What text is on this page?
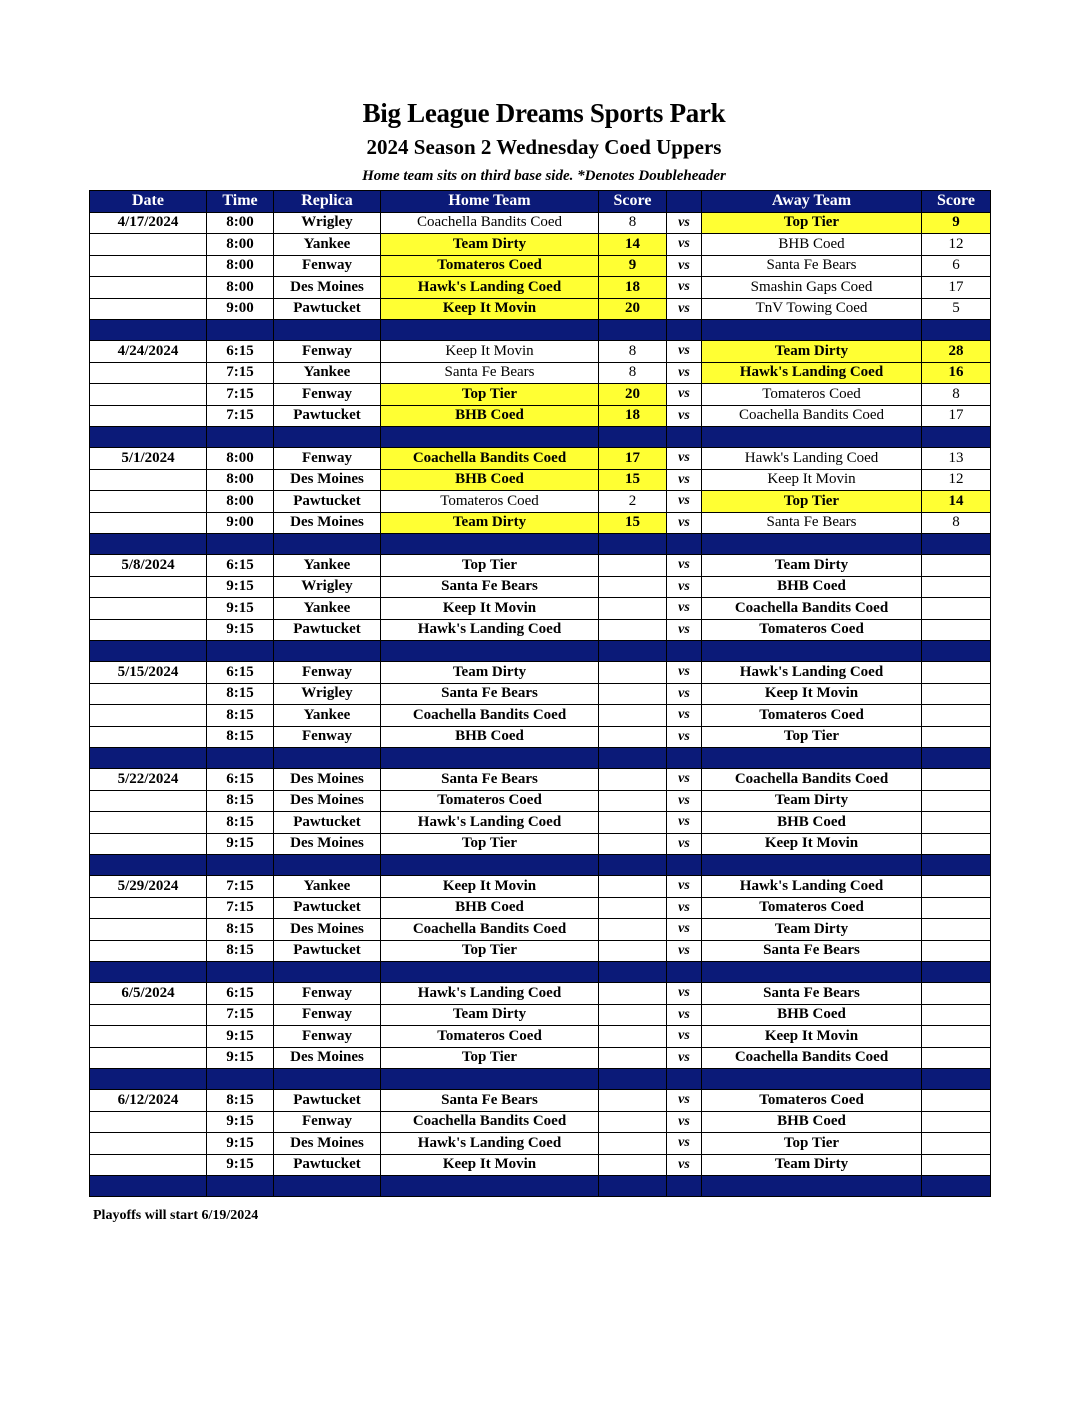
Big League Dreams Sports Park
2024 Season 2 Wednesday Coed Uppers
Home team sits on third base side. *Denotes Doubleheader
Date	Time	Replica	Home Team	Score		Away Team	Score
4/17/2024	8:00	Wrigley	Coachella Bandits Coed	8	vs	Top Tier	9
	8:00	Yankee	Team Dirty	14	vs	BHB Coed	12
	8:00	Fenway	Tomateros Coed	9	vs	Santa Fe Bears	6
	8:00	Des Moines	Hawk's Landing Coed	18	vs	Smashin Gaps Coed	17
	9:00	Pawtucket	Keep It Movin	20	vs	TnV Towing Coed	5

4/24/2024	6:15	Fenway	Keep It Movin	8	vs	Team Dirty	28
	7:15	Yankee	Santa Fe Bears	8	vs	Hawk's Landing Coed	16
	7:15	Fenway	Top Tier	20	vs	Tomateros Coed	8
	7:15	Pawtucket	BHB Coed	18	vs	Coachella Bandits Coed	17

5/1/2024	8:00	Fenway	Coachella Bandits Coed	17	vs	Hawk's Landing Coed	13
	8:00	Des Moines	BHB Coed	15	vs	Keep It Movin	12
	8:00	Pawtucket	Tomateros Coed	2	vs	Top Tier	14
	9:00	Des Moines	Team Dirty	15	vs	Santa Fe Bears	8

5/8/2024	6:15	Yankee	Top Tier		vs	Team Dirty	
	9:15	Wrigley	Santa Fe Bears		vs	BHB Coed	
	9:15	Yankee	Keep It Movin		vs	Coachella Bandits Coed	
	9:15	Pawtucket	Hawk's Landing Coed		vs	Tomateros Coed	

5/15/2024	6:15	Fenway	Team Dirty		vs	Hawk's Landing Coed	
	8:15	Wrigley	Santa Fe Bears		vs	Keep It Movin	
	8:15	Yankee	Coachella Bandits Coed		vs	Tomateros Coed	
	8:15	Fenway	BHB Coed		vs	Top Tier	

5/22/2024	6:15	Des Moines	Santa Fe Bears		vs	Coachella Bandits Coed	
	8:15	Des Moines	Tomateros Coed		vs	Team Dirty	
	8:15	Pawtucket	Hawk's Landing Coed		vs	BHB Coed	
	9:15	Des Moines	Top Tier		vs	Keep It Movin	

5/29/2024	7:15	Yankee	Keep It Movin		vs	Hawk's Landing Coed	
	7:15	Pawtucket	BHB Coed		vs	Tomateros Coed	
	8:15	Des Moines	Coachella Bandits Coed		vs	Team Dirty	
	8:15	Pawtucket	Top Tier		vs	Santa Fe Bears	

6/5/2024	6:15	Fenway	Hawk's Landing Coed		vs	Santa Fe Bears	
	7:15	Fenway	Team Dirty		vs	BHB Coed	
	9:15	Fenway	Tomateros Coed		vs	Keep It Movin	
	9:15	Des Moines	Top Tier		vs	Coachella Bandits Coed	

6/12/2024	8:15	Pawtucket	Santa Fe Bears		vs	Tomateros Coed	
	9:15	Fenway	Coachella Bandits Coed		vs	BHB Coed	
	9:15	Des Moines	Hawk's Landing Coed		vs	Top Tier	
	9:15	Pawtucket	Keep It Movin		vs	Team Dirty	

Playoffs will start 6/19/2024
